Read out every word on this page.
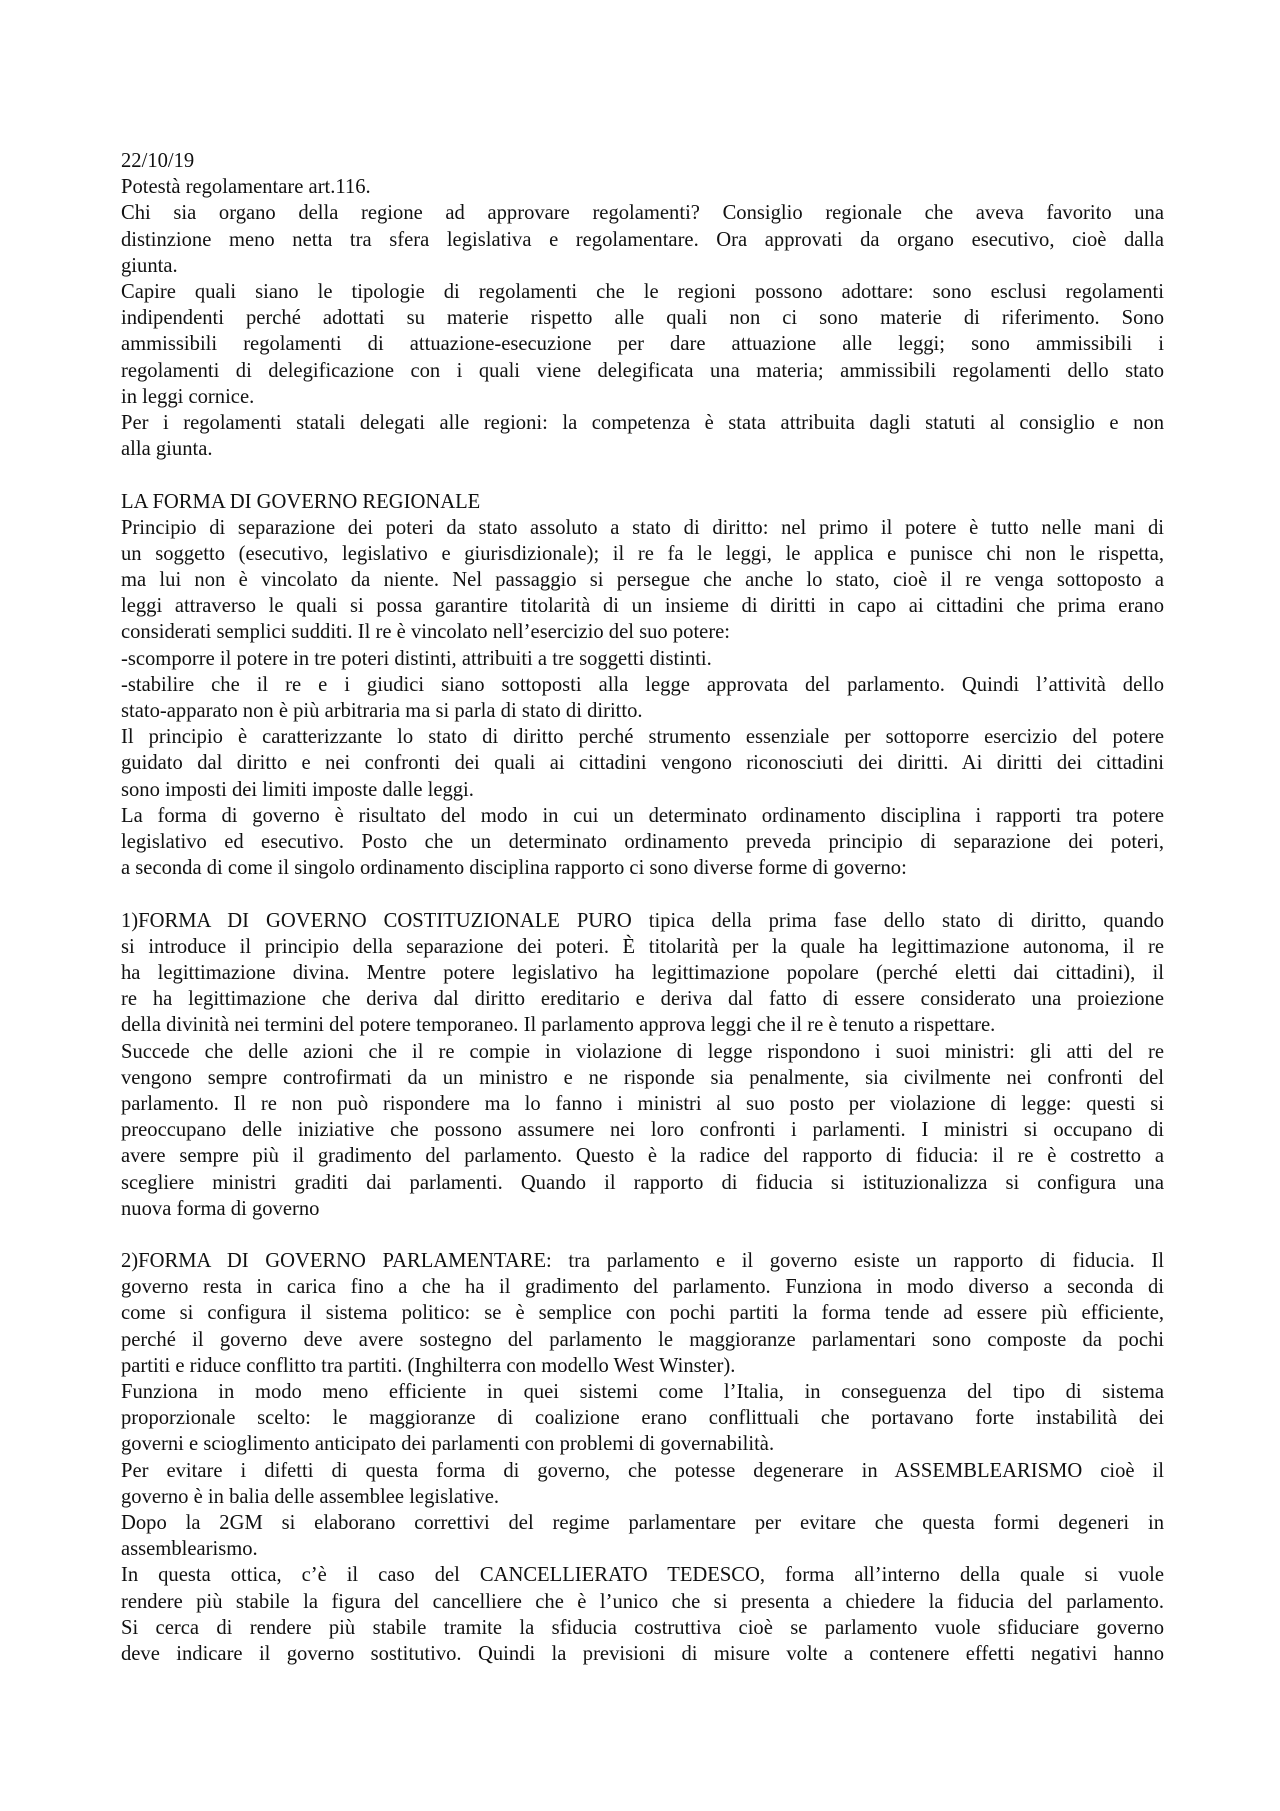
22/10/19
Potestà regolamentare art.116.
Chi sia organo della regione ad approvare regolamenti? Consiglio regionale che aveva favorito una
distinzione meno netta tra sfera legislativa e regolamentare. Ora approvati da organo esecutivo, cioè dalla
giunta.
Capire quali siano le tipologie di regolamenti che le regioni possono adottare: sono esclusi regolamenti
indipendenti perché adottati su materie rispetto alle quali non ci sono materie di riferimento. Sono
ammissibili regolamenti di attuazione-esecuzione per dare attuazione alle leggi; sono ammissibili i
regolamenti di delegificazione con i quali viene delegificata una materia; ammissibili regolamenti dello stato
in leggi cornice.
Per i regolamenti statali delegati alle regioni: la competenza è stata attribuita dagli statuti al consiglio e non
alla giunta.
LA FORMA DI GOVERNO REGIONALE
Principio di separazione dei poteri da stato assoluto a stato di diritto: nel primo il potere è tutto nelle mani di
un soggetto (esecutivo, legislativo e giurisdizionale); il re fa le leggi, le applica e punisce chi non le rispetta,
ma lui non è vincolato da niente. Nel passaggio si persegue che anche lo stato, cioè il re venga sottoposto a
leggi attraverso le quali si possa garantire titolarità di un insieme di diritti in capo ai cittadini che prima erano
considerati semplici sudditi. Il re è vincolato nell’esercizio del suo potere:
-scomporre il potere in tre poteri distinti, attribuiti a tre soggetti distinti.
-stabilire che il re e i giudici siano sottoposti alla legge approvata del parlamento. Quindi l’attività dello
stato-apparato non è più arbitraria ma si parla di stato di diritto.
Il principio è caratterizzante lo stato di diritto perché strumento essenziale per sottoporre esercizio del potere
guidato dal diritto e nei confronti dei quali ai cittadini vengono riconosciuti dei diritti. Ai diritti dei cittadini
sono imposti dei limiti imposte dalle leggi.
La forma di governo è risultato del modo in cui un determinato ordinamento disciplina i rapporti tra potere
legislativo ed esecutivo. Posto che un determinato ordinamento preveda principio di separazione dei poteri,
a seconda di come il singolo ordinamento disciplina rapporto ci sono diverse forme di governo:
1)FORMA DI GOVERNO COSTITUZIONALE PURO tipica della prima fase dello stato di diritto, quando
si introduce il principio della separazione dei poteri. È titolarità per la quale ha legittimazione autonoma, il re
ha legittimazione divina. Mentre potere legislativo ha legittimazione popolare (perché eletti dai cittadini), il
re ha legittimazione che deriva dal diritto ereditario e deriva dal fatto di essere considerato una proiezione
della divinità nei termini del potere temporaneo. Il parlamento approva leggi che il re è tenuto a rispettare.
Succede che delle azioni che il re compie in violazione di legge rispondono i suoi ministri: gli atti del re
vengono sempre controfirmati da un ministro e ne risponde sia penalmente, sia civilmente nei confronti del
parlamento. Il re non può rispondere ma lo fanno i ministri al suo posto per violazione di legge: questi si
preoccupano delle iniziative che possono assumere nei loro confronti i parlamenti. I ministri si occupano di
avere sempre più il gradimento del parlamento. Questo è la radice del rapporto di fiducia: il re è costretto a
scegliere ministri graditi dai parlamenti. Quando il rapporto di fiducia si istituzionalizza si configura una
nuova forma di governo
2)FORMA DI GOVERNO PARLAMENTARE: tra parlamento e il governo esiste un rapporto di fiducia. Il
governo resta in carica fino a che ha il gradimento del parlamento. Funziona in modo diverso a seconda di
come si configura il sistema politico: se è semplice con pochi partiti la forma tende ad essere più efficiente,
perché il governo deve avere sostegno del parlamento le maggioranze parlamentari sono composte da pochi
partiti e riduce conflitto tra partiti. (Inghilterra con modello West Winster).
Funziona in modo meno efficiente in quei sistemi come l’Italia, in conseguenza del tipo di sistema
proporzionale scelto: le maggioranze di coalizione erano conflittuali che portavano forte instabilità dei
governi e scioglimento anticipato dei parlamenti con problemi di governabilità.
Per evitare i difetti di questa forma di governo, che potesse degenerare in ASSEMBLEARISMO cioè il
governo è in balia delle assemblee legislative.
Dopo la 2GM si elaborano correttivi del regime parlamentare per evitare che questa formi degeneri in
assemblearismo.
In questa ottica, c’è il caso del CANCELLIERATO TEDESCO, forma all’interno della quale si vuole
rendere più stabile la figura del cancelliere che è l’unico che si presenta a chiedere la fiducia del parlamento.
Si cerca di rendere più stabile tramite la sfiducia costruttiva cioè se parlamento vuole sfiduciare governo
deve indicare il governo sostitutivo. Quindi la previsioni di misure volte a contenere effetti negativi hanno
